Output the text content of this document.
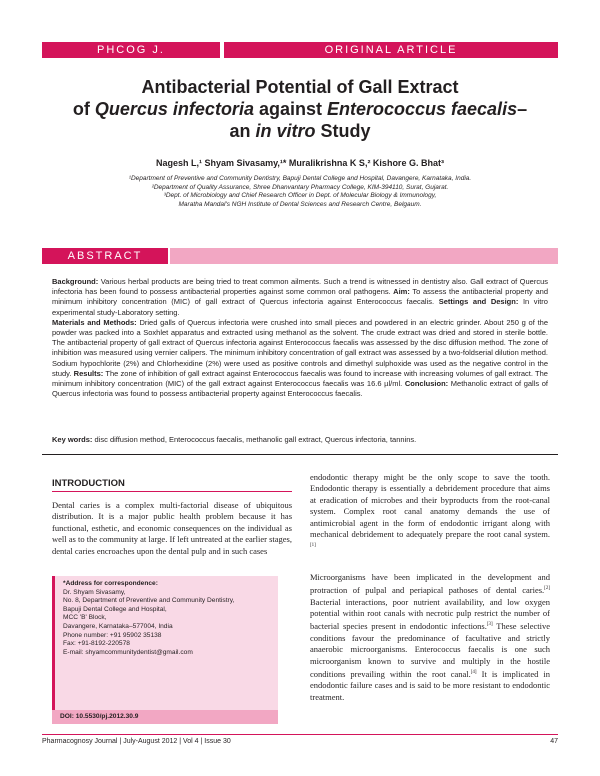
PHCOG J.	ORIGINAL ARTICLE
Antibacterial Potential of Gall Extract
of Quercus infectoria against Enterococcus faecalis–
an in vitro Study
Nagesh L,¹ Shyam Sivasamy,¹* Muralikrishna K S,² Kishore G. Bhat³
¹Department of Preventive and Community Dentistry, Bapuji Dental College and Hospital, Davangere, Karnataka, India.
²Department of Quality Assurance, Shree Dhanvantary Pharmacy College, KIM-394110, Surat, Gujarat.
³Dept. of Microbiology and Chief Research Officer in Dept. of Molecular Biology & Immunology,
Maratha Mandal's NGH Institute of Dental Sciences and Research Centre, Belgaum.
ABSTRACT
Background: Various herbal products are being tried to treat common ailments. Such a trend is witnessed in dentistry also. Gall extract of Quercus infectoria has been found to possess antibacterial properties against some common oral pathogens. Aim: To assess the antibacterial property and minimum inhibitory concentration (MIC) of gall extract of Quercus infectoria against Enterococcus faecalis. Settings and Design: In vitro experimental study-Laboratory setting.
Materials and Methods: Dried galls of Quercus infectoria were crushed into small pieces and powdered in an electric grinder. About 250 g of the powder was packed into a Soxhlet apparatus and extracted using methanol as the solvent. The crude extract was dried and stored in sterile bottle. The antibacterial property of gall extract of Quercus infectoria against Enterococcus faecalis was assessed by the disc diffusion method. The zone of inhibition was measured using vernier calipers. The minimum inhibitory concentration of gall extract was assessed by a two-foldserial dilution method. Sodium hypochlorite (2%) and Chlorhexidine (2%) were used as positive controls and dimethyl sulphoxide was used as the negative control in the study. Results: The zone of inhibition of gall extract against Enterococcus faecalis was found to increase with increasing volumes of gall extract. The minimum inhibitory concentration (MIC) of the gall extract against Enterococcus faecalis was 16.6 µl/ml. Conclusion: Methanolic extract of galls of Quercus infectoria was found to possess antibacterial property against Enterococcus faecalis.
Key words: disc diffusion method, Enterococcus faecalis, methanolic gall extract, Quercus infectoria, tannins.
INTRODUCTION
Dental caries is a complex multi-factorial disease of ubiquitous distribution. It is a major public health problem because it has functional, esthetic, and economic consequences on the individual as well as to the community at large. If left untreated at the earlier stages, dental caries encroaches upon the dental pulp and in such cases
endodontic therapy might be the only scope to save the tooth. Endodontic therapy is essentially a debridement procedure that aims at eradication of microbes and their byproducts from the root-canal system. Complex root canal anatomy demands the use of antimicrobial agent in the form of endodontic irrigant along with mechanical debridement to adequately prepare the root canal system.[1]
Microorganisms have been implicated in the development and protraction of pulpal and periapical pathoses of dental caries.[2] Bacterial interactions, poor nutrient availability, and low oxygen potential within root canals with necrotic pulp restrict the number of bacterial species present in endodontic infections.[3] These selective conditions favour the predominance of facultative and strictly anaerobic microorganisms. Enterococcus faecalis is one such microorganism known to survive and multiply in the hostile conditions prevailing within the root canal.[4] It is implicated in endodontic failure cases and is said to be more resistant to endodontic treatment.
*Address for correspondence:
Dr. Shyam Sivasamy,
No. 8, Department of Preventive and Community Dentistry,
Bapuji Dental College and Hospital,
MCC 'B' Block,
Davangere, Karnataka–577004, India
Phone number: +91 95902 35138
Fax: +91-8192-220578
E-mail: shyamcommunitydentist@gmail.com
DOI: 10.5530/pj.2012.30.9
Pharmacognosy Journal | July-August 2012 | Vol 4 | Issue 30	47
